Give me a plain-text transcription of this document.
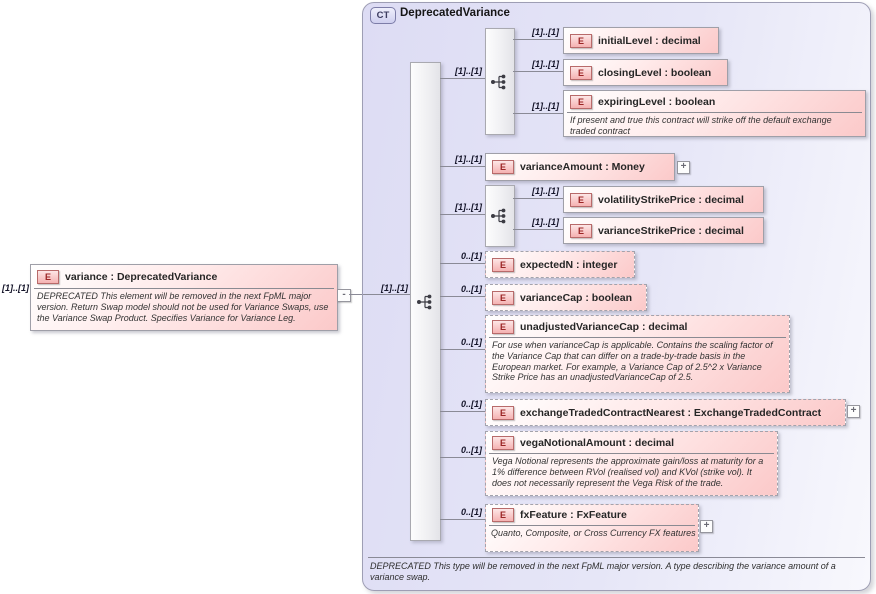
[1]..[1]
E	variance : DeprecatedVariance
DEPRECATED This element will be removed in the next FpML major version. Return Swap model should not be used for Variance Swaps, use the Variance Swap Product. Specifies Variance for Variance Leg.
-
CT DeprecatedVariance
[1]..[1]
[1]..[1]
[1]..[1]
[1]..[1]
0..[1]
0..[1]
0..[1]
0..[1]
0..[1]
0..[1]
[1]..[1]
[1]..[1]
[1]..[1]
E	initialLevel : decimal
E	closingLevel : boolean
E	expiringLevel : boolean
If present and true this contract will strike off the default exchange traded contract
E	varianceAmount : Money	+
[1]..[1]
[1]..[1]
E	volatilityStrikePrice : decimal
E	varianceStrikePrice : decimal
E	expectedN : integer
E	varianceCap : boolean
E	unadjustedVarianceCap : decimal
For use when varianceCap is applicable. Contains the scaling factor of the Variance Cap that can differ on a trade-by-trade basis in the European market. For example, a Variance Cap of 2.5^2 x Variance Strike Price has an unadjustedVarianceCap of 2.5.
E	exchangeTradedContractNearest : ExchangeTradedContract	+
E	vegaNotionalAmount : decimal
Vega Notional represents the approximate gain/loss at maturity for a 1% difference between RVol (realised vol) and KVol (strike vol). It does not necessarily represent the Vega Risk of the trade.
E	fxFeature : FxFeature
Quanto, Composite, or Cross Currency FX features
+
DEPRECATED This type will be removed in the next FpML major version. A type describing the variance amount of a variance swap.
